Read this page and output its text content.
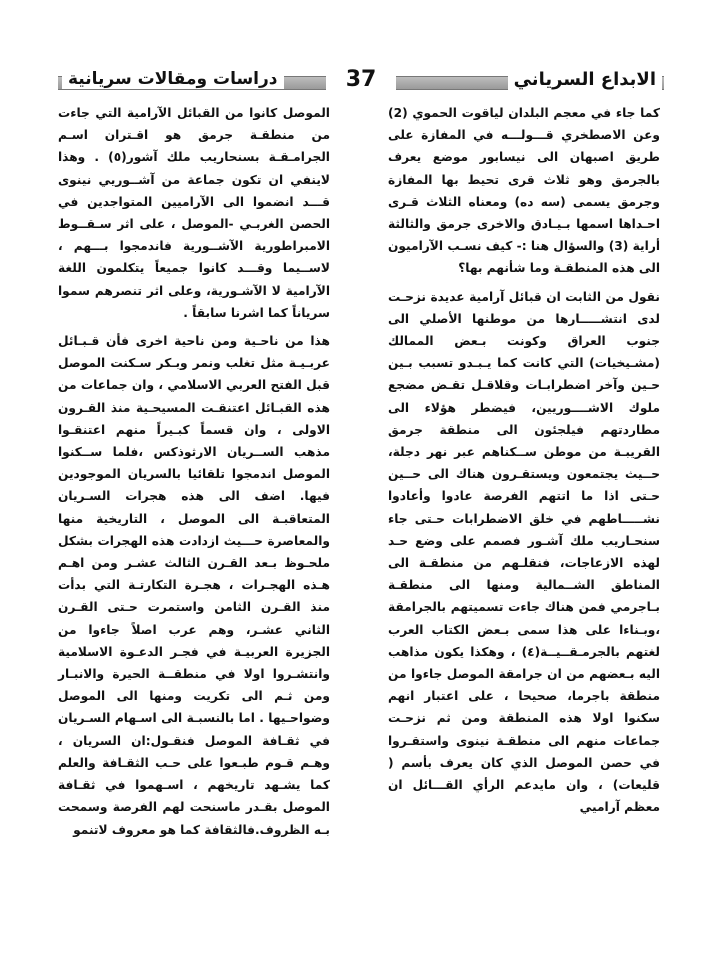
دراسات ومقالات سريانية	37	الابداع السرياني

كما جاء في معجم البلدان لياقوت الحموي (2) وعن الاصطخري قـــولـــه في المفازة على طريق اصبهان الى نيسابور موضع يعرف بالجرمق وهو ثلاث قرى تحيط بها المفازة وجرمق يسمى (سه ده) ومعناه الثلاث قـرى احـداها اسمها بـيـادق والاخرى جرمق والثالثة أراية (3) والسؤال هنا :- كيف نسـب الآراميون الى هذه المنطقـة وما شأنهم بها؟

نقول من الثابت ان قبائل آرامية عديدة نزحـت لدى انتشـــــارها من موطنها الأصلي الى جنوب العراق وكونت بـعض الممالك (مشـيخيات) التي كانت كما يـبـدو تسبب بـين حـين وآخر اضطرابـات وقلاقـل تقـض مضجع ملوك الاشــــوريين، فيضطر هؤلاء الى مطاردتهم فيلجئون الى منطقة جرمق القريبـة من موطن ســكناهم عبر نهر دجلة، حــيث يجتمعون ويستقـرون هناك الى حــين حـتى اذا ما اتتهم الفرصة عادوا وأعادوا نشـــــاطهم في خلق الاضطرابات حـتى جاء سنحـاريب ملك آشـور فصمم على وضع حـد لهذه الازعاجات، فنقلـهم من منطقـة الى المناطق الشــمالية ومنها الى منطقـة بـاجرمي فمن هناك جاءت تسميتهم بالجرامقة ،وبـناءا على هذا سمى بـعض الكتاب العرب لغتهم بالجرمـقــيــة(٤) ، وهكذا يكون مذاهب اليه بـعضهم من ان جرامقة الموصل جاءوا من منطقة باجرما، صحيحا ، على اعتبار انهم سكنوا اولا هذه المنطقة ومن ثم نزحـت جماعات منهم الى منطقـة نينوى واستقـروا في حصن الموصل الذي كان يعرف بأسم ( قليعات) ، وان مايدعم الرأي القـــائل ان معظم آراميي

الموصل كانوا من القبائل الآرامية التي جاءت من منطقـة جرمق هو اقـتران اسـم الجرامـقـة بسنحاريب ملك آشور(٥) . وهذا لاينفي ان تكون جماعة من آشــوريي نينوى قـــد انضموا الى الآراميين المتواجدين في الحصن الغربـي -الموصل ، على اثر سـقــوط الامبراطورية الآشــورية فاندمجوا بـــهم ، لاســيما وقـــد كانوا جميعاً يتكلمون اللغة الآرامية لا الآشـورية، وعلى اثر تنصرهم سموا سرياناً كما اشرنا سابقاً .

هذا من ناحـية ومن ناحية اخرى فأن قـبـائل عربـيـة مثل تغلب ونمر وبـكر سـكنت الموصل قبل الفتح العربي الاسلامي ، وان جماعات من هذه القبـائل اعتنقـت المسيحـية منذ القـرون الاولى ، وان قسماً كبـيراً منهم اعتنقـوا مذهب الســريان الارثوذكس ،فلما ســكنوا الموصل اندمجوا تلقائيا بالسريان الموجودين فيها. اضف الى هذه هجرات السـريان المتعاقبـة الى الموصل ، التاريخية منها والمعاصرة حـــيث ازدادت هذه الهجرات بشكل ملحـوظ بـعد القـرن الثالث عشـر ومن اهـم هـذه الهجـرات ، هجـرة التكارتـة التي بدأت منذ القـرن الثامن واستمرت حـتى القـرن الثاني عشـر، وهم عرب اصلاً جاءوا من الجزيرة العربيـة في فجـر الدعـوة الاسلامية وانتشـروا اولا في منطقــة الحيرة والانبـار ومن ثـم الى تكريت ومنها الى الموصل وضواحـيها . اما بالنسبـة الى اسـهام السـريان في ثقـافة الموصل فنقـول:ان السريان ، وهـم قـوم طبـعوا على حـب الثقـافة والعلم كما يشـهد تاريخهم ، اسـهموا في ثقـافة الموصل بقـدر ماسنحت لهم الفرصة وسمحت بـه الظروف.فالثقافة كما هو معروف لاتنمو
